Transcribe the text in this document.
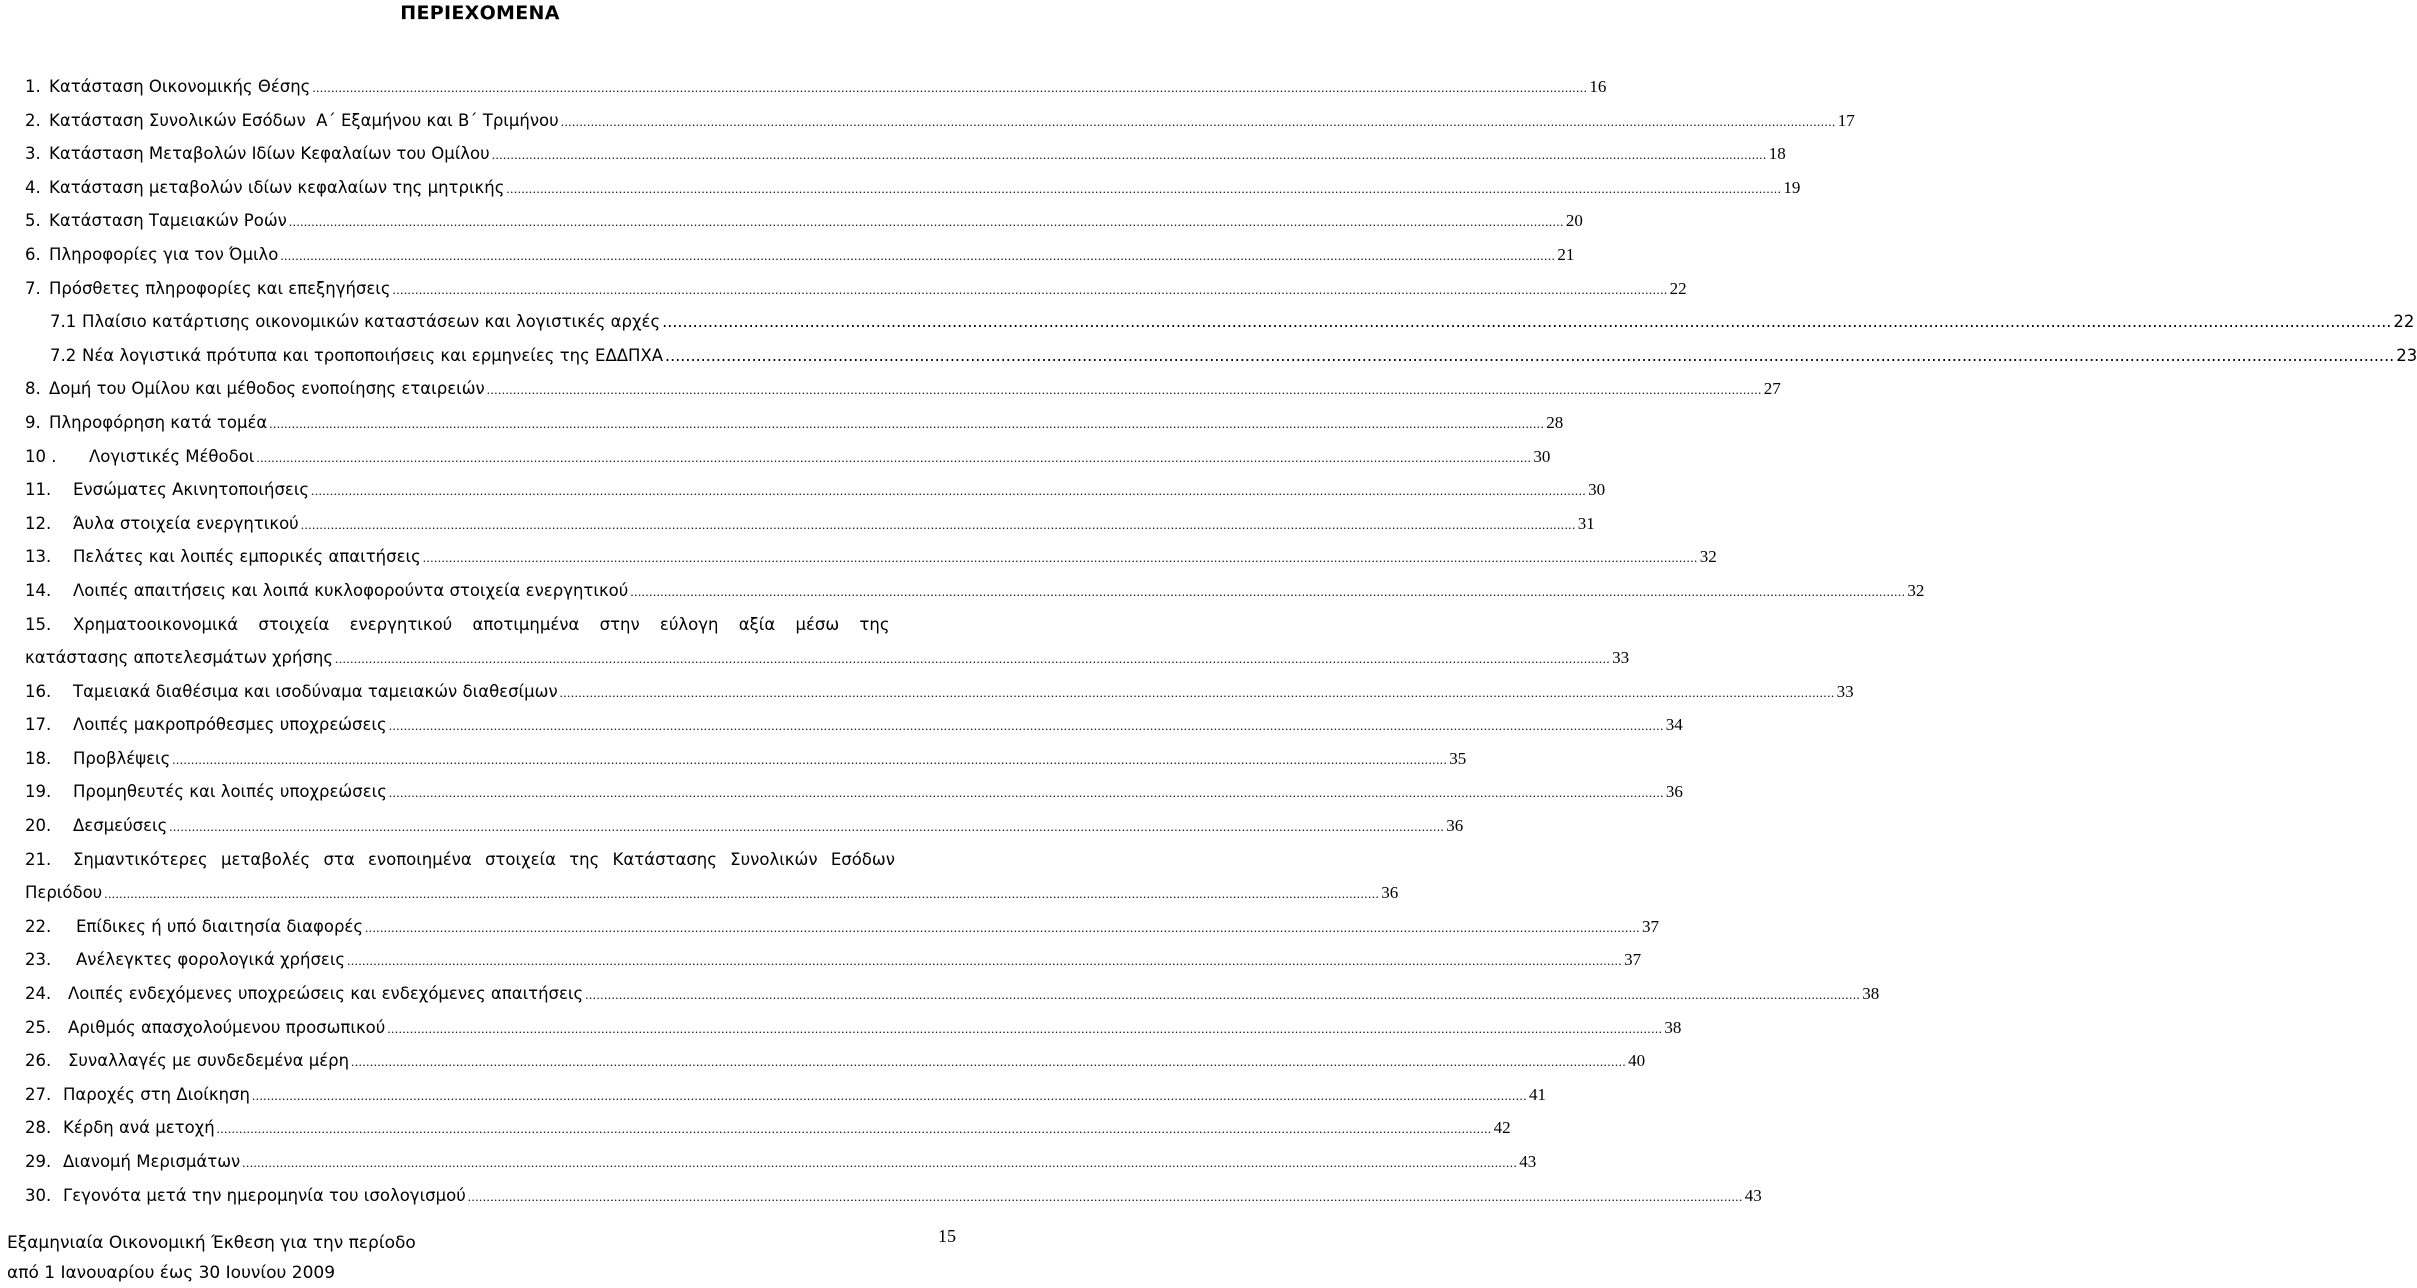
ΠΕΡΙΕΧΟΜΕΝΑ
1. Κατάσταση Οικονομικής Θέσης .....	16
2. Κατάσταση Συνολικών Εσόδων  Α΄ Εξαμήνου και Β΄ Τριμήνου .....	17
3. Κατάσταση Μεταβολών Ιδίων Κεφαλαίων του Ομίλου .....	18
4. Κατάσταση μεταβολών ιδίων κεφαλαίων της μητρικής .....	19
5. Κατάσταση Ταμειακών Ροών .....	20
6. Πληροφορίες για τον Όμιλο .....	21
7. Πρόσθετες πληροφορίες και επεξηγήσεις .....	22
7.1 Πλαίσιο κατάρτισης οικονομικών καταστάσεων και λογιστικές αρχές .....	22
7.2 Νέα λογιστικά πρότυπα και τροποποιήσεις και ερμηνείες της ΕΔΔΠΧΑ .....	23
8. Δομή του Ομίλου και μέθοδος ενοποίησης εταιρειών .....	27
9. Πληροφόρηση κατά τομέα .....	28
10 .	Λογιστικές Μέθοδοι .....	30
11.	Ενσώματες Ακινητοποιήσεις .....	30
12.	Άυλα στοιχεία ενεργητικού .....	31
13.	Πελάτες και λοιπές εμπορικές απαιτήσεις .....	32
14.	Λοιπές απαιτήσεις και λοιπά κυκλοφορούντα στοιχεία ενεργητικού .....	32
15.	Χρηματοοικονομικά στοιχεία ενεργητικού αποτιμημένα στην εύλογη αξία μέσω της
κατάστασης αποτελεσμάτων χρήσης .....	33
16.	Ταμειακά διαθέσιμα και ισοδύναμα ταμειακών διαθεσίμων .....	33
17.	Λοιπές μακροπρόθεσμες υποχρεώσεις .....	34
18.	Προβλέψεις .....	35
19.	Προμηθευτές και λοιπές υποχρεώσεις .....	36
20.	Δεσμεύσεις .....	36
21.	Σημαντικότερες μεταβολές στα ενοποιημένα στοιχεία της Κατάστασης Συνολικών Εσόδων
Περιόδου .....	36
22.	Επίδικες ή υπό διαιτησία διαφορές .....	37
23.	Ανέλεγκτες φορολογικά χρήσεις .....	37
24.	Λοιπές ενδεχόμενες υποχρεώσεις και ενδεχόμενες απαιτήσεις .....	38
25.	Αριθμός απασχολούμενου προσωπικού .....	38
26.	Συναλλαγές με συνδεδεμένα μέρη .....	40
27. Παροχές στη Διοίκηση .....	41
28. Κέρδη ανά μετοχή .....	42
29. Διανομή Μερισμάτων .....	43
30. Γεγονότα μετά την ημερομηνία του ισολογισμού .....	43
Εξαμηνιαία Οικονομική Έκθεση για την περίοδο
από 1 Ιανουαρίου έως 30 Ιουνίου 2009
15
